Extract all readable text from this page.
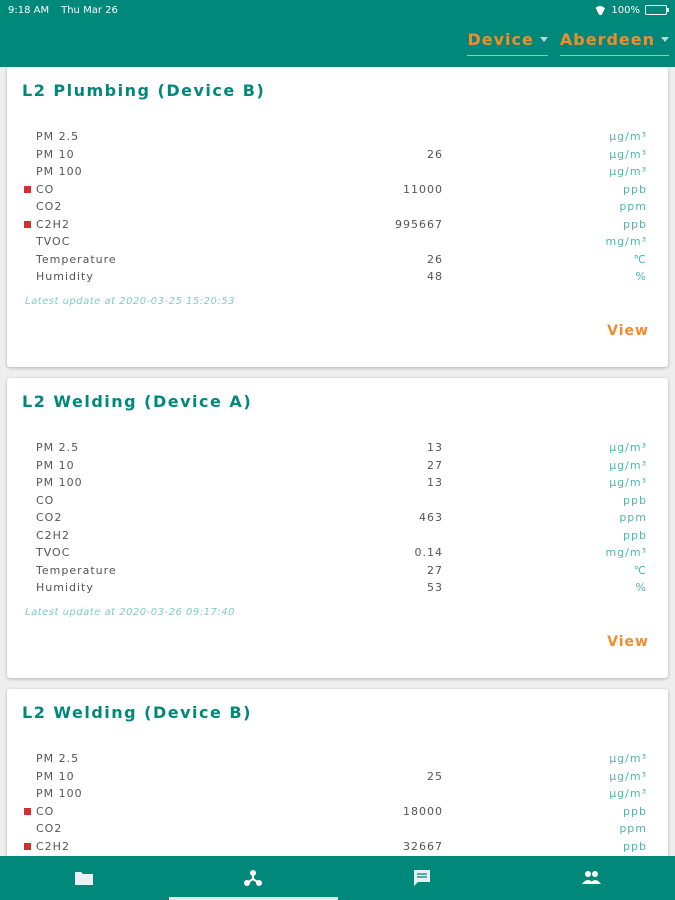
9:18 AM Thu Mar 26	100%
Device Aberdeen
L2 Plumbing (Device B)
PM 2.5	µg/m³
PM 10	26	µg/m³
PM 100	µg/m³
CO	11000	ppb
CO2	ppm
C2H2	995667	ppb
TVOC	mg/m³
Temperature	26	℃
Humidity	48	%
Latest update at 2020-03-25 15:20:53
View
L2 Welding (Device A)
PM 2.5	13	µg/m³
PM 10	27	µg/m³
PM 100	13	µg/m³
CO	ppb
CO2	463	ppm
C2H2	ppb
TVOC	0.14	mg/m³
Temperature	27	℃
Humidity	53	%
Latest update at 2020-03-26 09:17:40
View
L2 Welding (Device B)
PM 2.5	µg/m³
PM 10	25	µg/m³
PM 100	µg/m³
CO	18000	ppb
CO2	ppm
C2H2	32667	ppb
